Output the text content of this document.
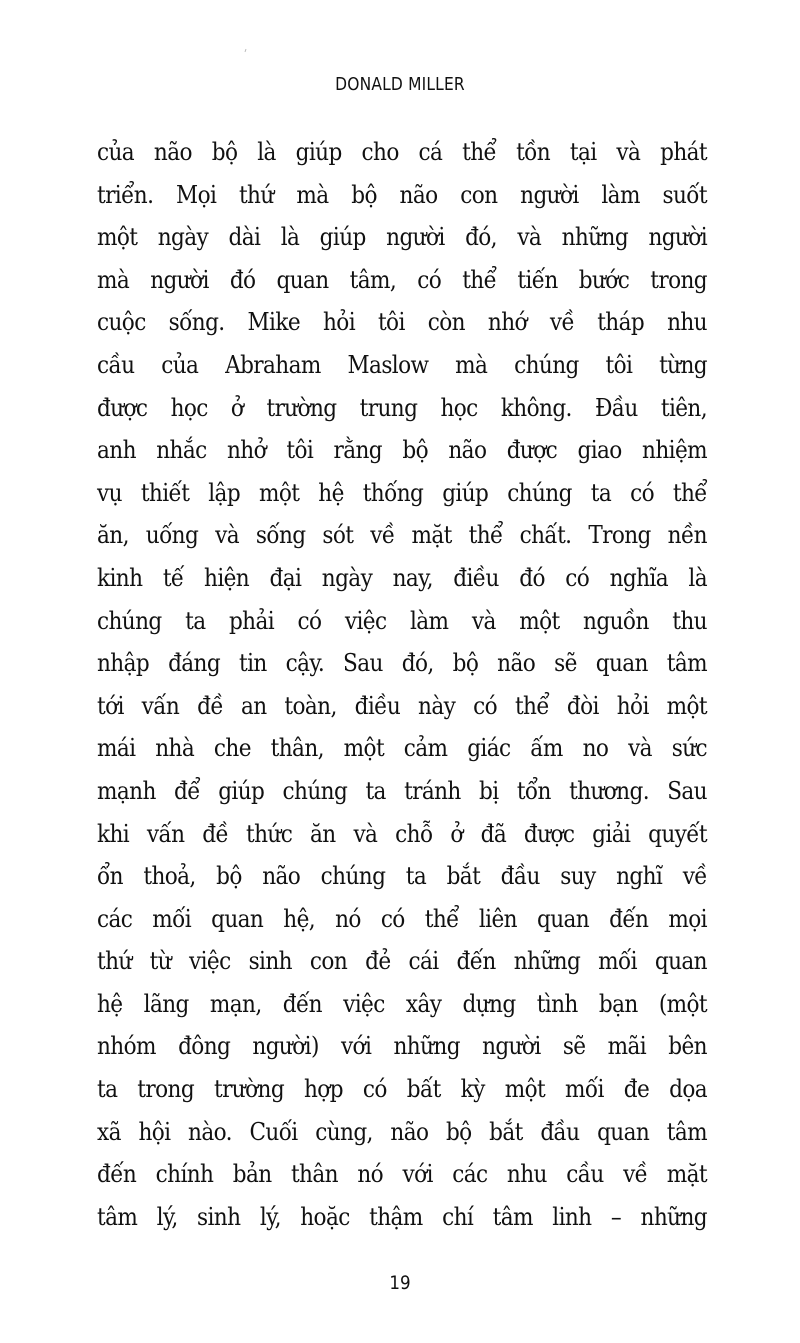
DONALD MILLER
của não bộ là giúp cho cá thể tồn tại và phát
triển. Mọi thứ mà bộ não con người làm suốt
một ngày dài là giúp người đó, và những người
mà người đó quan tâm, có thể tiến bước trong
cuộc sống. Mike hỏi tôi còn nhớ về tháp nhu
cầu của Abraham Maslow mà chúng tôi từng
được học ở trường trung học không. Đầu tiên,
anh nhắc nhở tôi rằng bộ não được giao nhiệm
vụ thiết lập một hệ thống giúp chúng ta có thể
ăn, uống và sống sót về mặt thể chất. Trong nền
kinh tế hiện đại ngày nay, điều đó có nghĩa là
chúng ta phải có việc làm và một nguồn thu
nhập đáng tin cậy. Sau đó, bộ não sẽ quan tâm
tới vấn đề an toàn, điều này có thể đòi hỏi một
mái nhà che thân, một cảm giác ấm no và sức
mạnh để giúp chúng ta tránh bị tổn thương. Sau
khi vấn đề thức ăn và chỗ ở đã được giải quyết
ổn thoả, bộ não chúng ta bắt đầu suy nghĩ về
các mối quan hệ, nó có thể liên quan đến mọi
thứ từ việc sinh con đẻ cái đến những mối quan
hệ lãng mạn, đến việc xây dựng tình bạn (một
nhóm đông người) với những người sẽ mãi bên
ta trong trường hợp có bất kỳ một mối đe dọa
xã hội nào. Cuối cùng, não bộ bắt đầu quan tâm
đến chính bản thân nó với các nhu cầu về mặt
tâm lý, sinh lý, hoặc thậm chí tâm linh – những
19
